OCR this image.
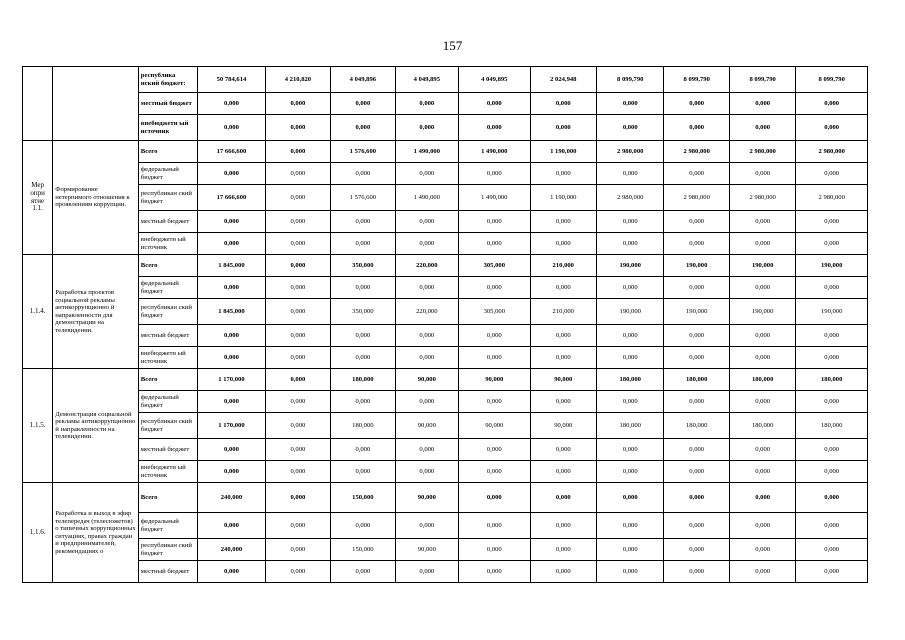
157
		республика нский бюджет:	50 784,614	4 210,820	4 049,896	4 049,895	4 049,895	2 024,948	8 099,790	8 099,790	8 099,790	8 099,790
		местный бюджет	0,000	0,000	0,000	0,000	0,000	0,000	0,000	0,000	0,000	0,000
		внебюджетн ый источник	0,000	0,000	0,000	0,000	0,000	0,000	0,000	0,000	0,000	0,000
Мер опри ятие 1.1.	Формирование нетерпимого отношения к проявлениям коррупции.	Всего	17 666,600	0,000	1 576,600	1 490,000	1 490,000	1 190,000	2 980,000	2 980,000	2 980,000	2 980,000
		федеральный бюджет	0,000	0,000	0,000	0,000	0,000	0,000	0,000	0,000	0,000	0,000
		республикан ский бюджет	17 666,600	0,000	1 576,600	1 490,000	1 490,000	1 190,000	2 980,000	2 980,000	2 980,000	2 980,000
		местный бюджет	0,000	0,000	0,000	0,000	0,000	0,000	0,000	0,000	0,000	0,000
		внебюджетн ый источник	0,000	0,000	0,000	0,000	0,000	0,000	0,000	0,000	0,000	0,000
1.1.4.	Разработка проектов социальной рекламы антикоррупционно й направленности для демонстрации на телевидении.	Всего	1 845,000	0,000	350,000	220,000	305,000	210,000	190,000	190,000	190,000	190,000
		федеральный бюджет	0,000	0,000	0,000	0,000	0,000	0,000	0,000	0,000	0,000	0,000
		республикан ский бюджет	1 845,000	0,000	350,000	220,000	305,000	210,000	190,000	190,000	190,000	190,000
		местный бюджет	0,000	0,000	0,000	0,000	0,000	0,000	0,000	0,000	0,000	0,000
		внебюджетн ый источник	0,000	0,000	0,000	0,000	0,000	0,000	0,000	0,000	0,000	0,000
1.1.5.	Демонстрация социальной рекламы антикоррупционно й направленности на телевидении.	Всего	1 170,000	0,000	180,000	90,000	90,000	90,000	180,000	180,000	180,000	180,000
		федеральный бюджет	0,000	0,000	0,000	0,000	0,000	0,000	0,000	0,000	0,000	0,000
		республикан ский бюджет	1 170,000	0,000	180,000	90,000	90,000	90,000	180,000	180,000	180,000	180,000
		местный бюджет	0,000	0,000	0,000	0,000	0,000	0,000	0,000	0,000	0,000	0,000
		внебюджетн ый источник	0,000	0,000	0,000	0,000	0,000	0,000	0,000	0,000	0,000	0,000
1.1.6.	Разработка и выход в эфир телепередач (телесюжетов) о типичных коррупционных ситуациях, правах граждан и предпринимателей, рекомендациях о	Всего	240,000	0,000	150,000	90,000	0,000	0,000	0,000	0,000	0,000	0,000
		федеральный бюджет	0,000	0,000	0,000	0,000	0,000	0,000	0,000	0,000	0,000	0,000
		республикан ский бюджет	240,000	0,000	150,000	90,000	0,000	0,000	0,000	0,000	0,000	0,000
		местный бюджет	0,000	0,000	0,000	0,000	0,000	0,000	0,000	0,000	0,000	0,000
